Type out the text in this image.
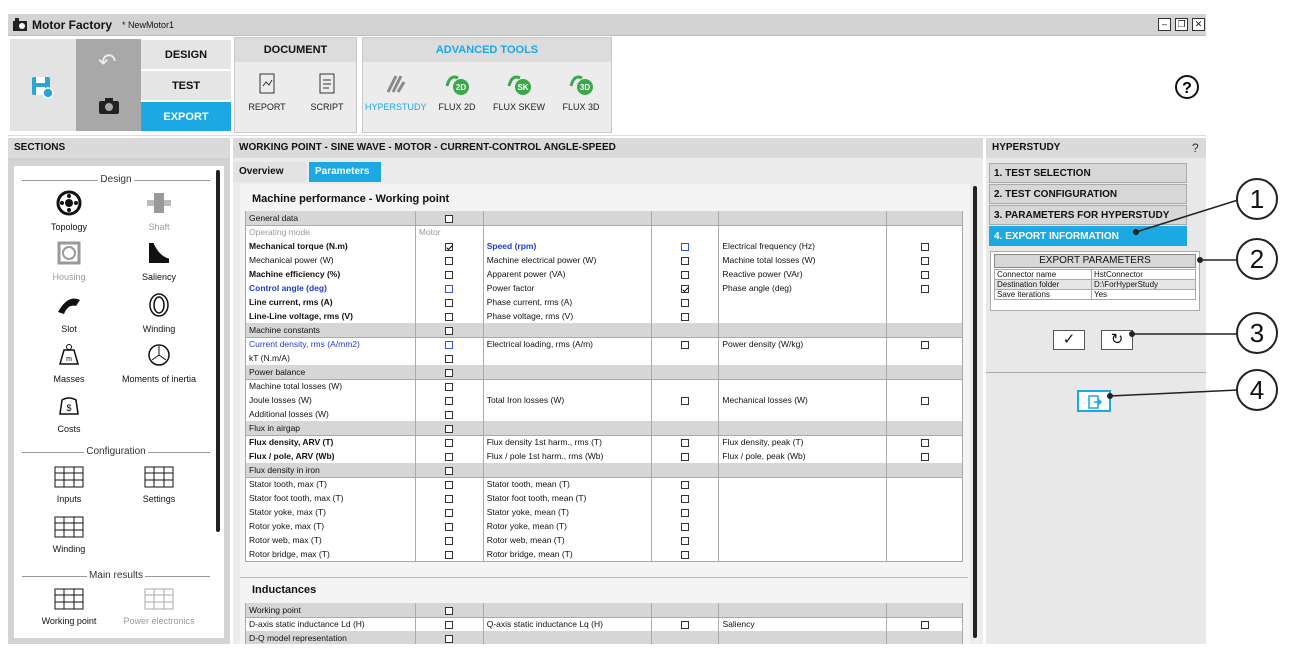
Motor Factory * NewMotor1	–	❐	✕
↶	DESIGN
TEST
EXPORT
DOCUMENT
REPORT	SCRIPT
ADVANCED TOOLS
HYPERSTUDY
2D
FLUX 2D
SK
FLUX SKEW
3D
FLUX 3D
?
SECTIONS
Design
Topology	Shaft
Housing	Saliency
Slot	Winding
m
Masses	Moments of inertia
$
Costs
Configuration
Inputs	Settings
Winding
Main results
Working point	Power electronics
WORKING POINT - SINE WAVE - MOTOR - CURRENT-CONTROL ANGLE-SPEED
Overview	Parameters
Machine performance - Working point
General data					
Operating mode	Motor				
Mechanical torque (N.m)		Speed (rpm)		Electrical frequency (Hz)	
Mechanical power (W)		Machine electrical power (W)		Machine total losses (W)	
Machine efficiency (%)		Apparent power (VA)		Reactive power (VAr)	
Control angle (deg)		Power factor		Phase angle (deg)	
Line current, rms (A)		Phase current, rms (A)			
Line-Line voltage, rms (V)		Phase voltage, rms (V)			
Machine constants					
Current density, rms (A/mm2)		Electrical loading, rms (A/m)		Power density (W/kg)	
kT (N.m/A)					
Power balance					
Machine total losses (W)					
Joule losses (W)		Total Iron losses (W)		Mechanical losses (W)	
Additional losses (W)					
Flux in airgap					
Flux density, ARV (T)		Flux density 1st harm., rms (T)		Flux density, peak (T)	
Flux / pole, ARV (Wb)		Flux / pole 1st harm., rms (Wb)		Flux / pole, peak (Wb)	
Flux density in iron					
Stator tooth, max (T)		Stator tooth, mean (T)			
Stator foot tooth, max (T)		Stator foot tooth, mean (T)			
Stator yoke, max (T)		Stator yoke, mean (T)			
Rotor yoke, max (T)		Rotor yoke, mean (T)			
Rotor web, max (T)		Rotor web, mean (T)			
Rotor bridge, max (T)		Rotor bridge, mean (T)			
Inductances
Working point					
D-axis static inductance Ld (H)		Q-axis static inductance Lq (H)		Saliency	
D-Q model representation					
HYPERSTUDY	?
1. TEST SELECTION
2. TEST CONFIGURATION
3. PARAMETERS FOR HYPERSTUDY
4. EXPORT INFORMATION
EXPORT PARAMETERS
Connector name	HstConnector
Destination folder	D:\ForHyperStudy
Save iterations	Yes
✓	↻
1
2
3
4
